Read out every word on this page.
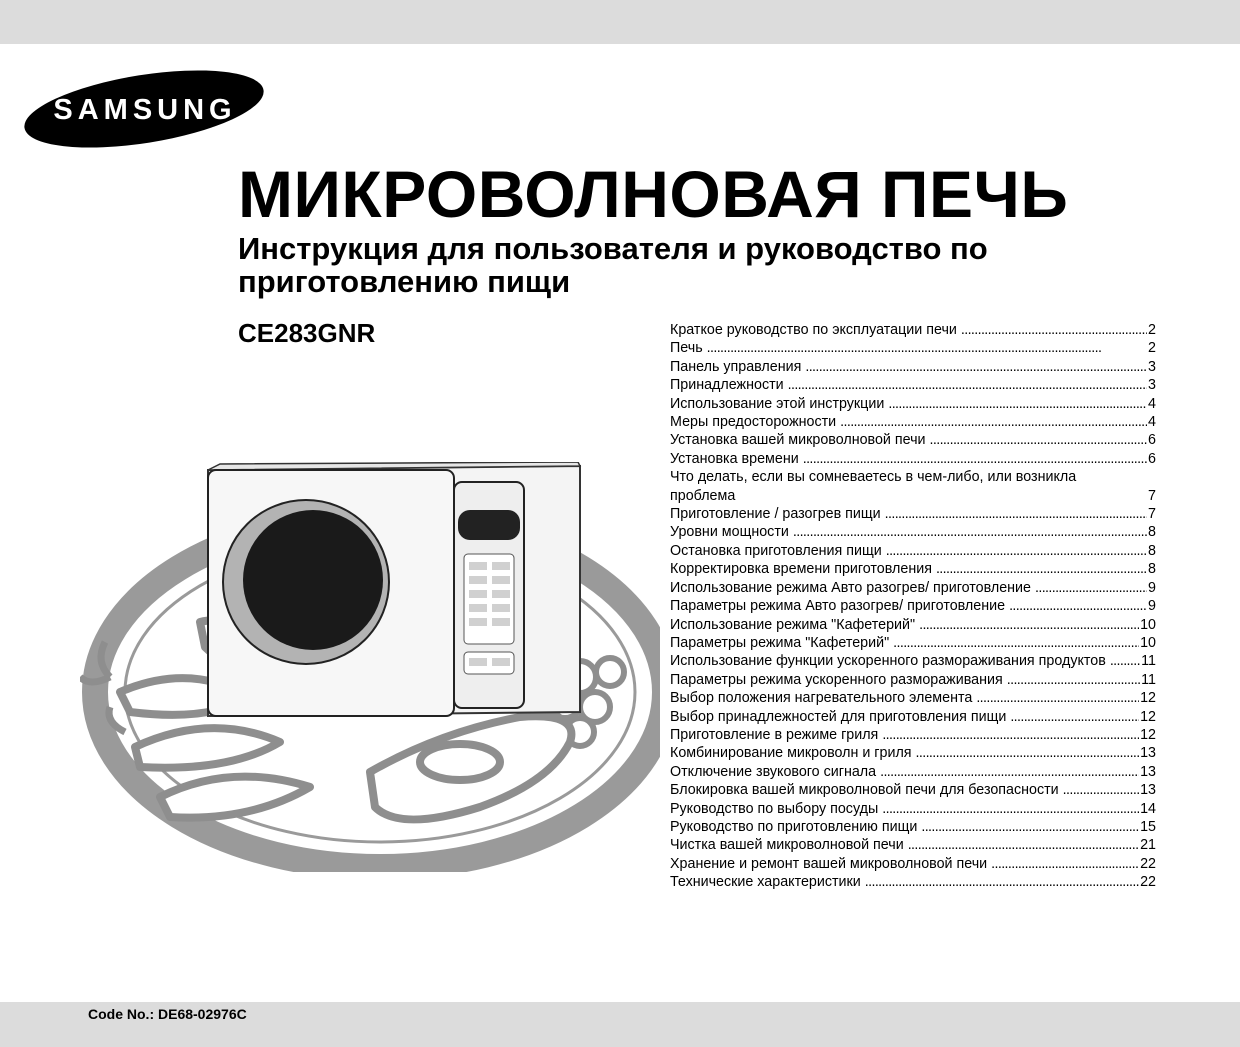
SAMSUNG
МИКРОВОЛНОВАЯ ПЕЧЬ
Инструкция для пользователя и руководство по приготовлению пищи
CE283GNR	Краткое руководство по эксплуатации печи . . .	2
Печь . . .	2
Панель управления . . .	3
Принадлежности . . .	3
Использование этой инструкции . . .	4
Меры предосторожности . . .	4
Установка вашей микроволновой печи . . .	6
Установка времени . . .	6
Что делать, если вы сомневаетесь в чем-либо, или возникла проблема	7
Приготовление / разогрев пищи . . .	7
Уровни мощности . . .	8
Остановка приготовления пищи . . .	8
Корректировка времени приготовления . . .	8
Использование режима Авто разогрев/ приготовление . . .	9
Параметры режима Авто разогрев/ приготовление . . .	9
Использование режима "Кафетерий" . . .	10
Параметры режима "Кафетерий" . . .	10
Использование функции ускоренного размораживания продуктов . . . 11
Параметры режима ускоренного размораживания . . .	11
Выбор положения нагревательного элемента . . .	12
Выбор принадлежностей для приготовления пищи . . .	12
Приготовление в режиме гриля . . .	12
Комбинирование микроволн и гриля . . .	13
Отключение звукового сигнала . . .	13
Блокировка вашей микроволновой печи для безопасности . . .	13
Руководство по выбору посуды . . .	14
Руководство по приготовлению пищи . . .	15
Чистка вашей микроволновой печи . . .	21
Хранение и ремонт вашей микроволновой печи . . .	22
Технические характеристики . . .	22
Code No.: DE68-02976C
